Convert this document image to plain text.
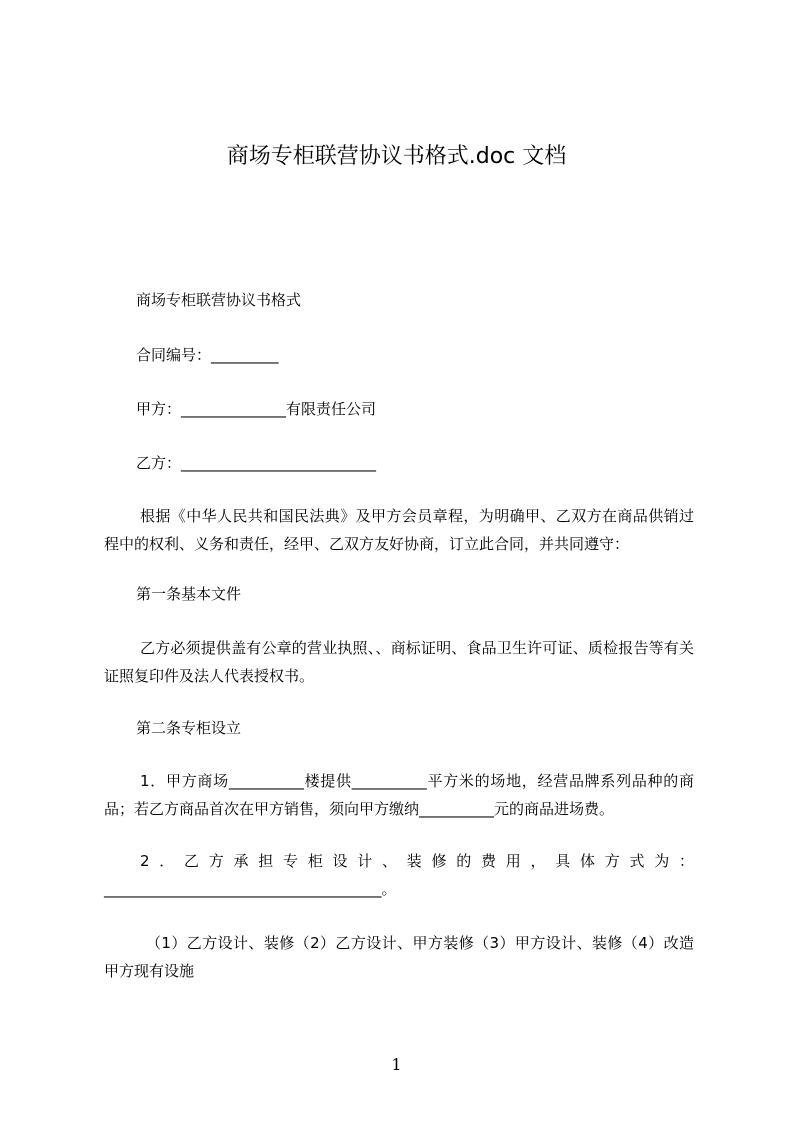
商场专柜联营协议书格式.doc 文档
商场专柜联营协议书格式
合同编号：_________
甲方：______________有限责任公司
乙方：__________________________
根据《中华人民共和国民法典》及甲方会员章程，为明确甲、乙双方在商品供销过程中的权利、义务和责任，经甲、乙双方友好协商，订立此合同，并共同遵守：
第一条基本文件
乙方必须提供盖有公章的营业执照、、商标证明、食品卫生许可证、质检报告等有关证照复印件及法人代表授权书。
第二条专柜设立
1．甲方商场__________楼提供__________平方米的场地，经营品牌系列品种的商品；若乙方商品首次在甲方销售，须向甲方缴纳__________元的商品进场费。
2．乙方承担专柜设计、装修的费用，具体方式为：_____________________________________。
（1）乙方设计、装修（2）乙方设计、甲方装修（3）甲方设计、装修（4）改造甲方现有设施
1
